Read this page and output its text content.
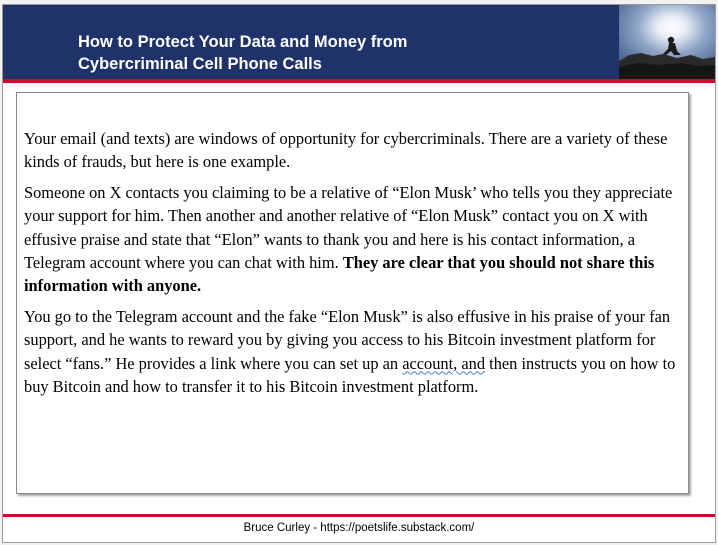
How to Protect Your Data and Money from
Cybercriminal Cell Phone Calls

Your email (and texts) are windows of opportunity for cybercriminals. There are a variety of these kinds of frauds, but here is one example.

Someone on X contacts you claiming to be a relative of “Elon Musk’ who tells you they appreciate your support for him. Then another and another relative of “Elon Musk” contact you on X with effusive praise and state that “Elon” wants to thank you and here is his contact information, a Telegram account where you can chat with him. They are clear that you should not share this information with anyone.

You go to the Telegram account and the fake “Elon Musk” is also effusive in his praise of your fan support, and he wants to reward you by giving you access to his Bitcoin investment platform for select “fans.” He provides a link where you can set up an account, and then instructs you on how to buy Bitcoin and how to transfer it to his Bitcoin investment platform.

Bruce Curley - https://poetslife.substack.com/
